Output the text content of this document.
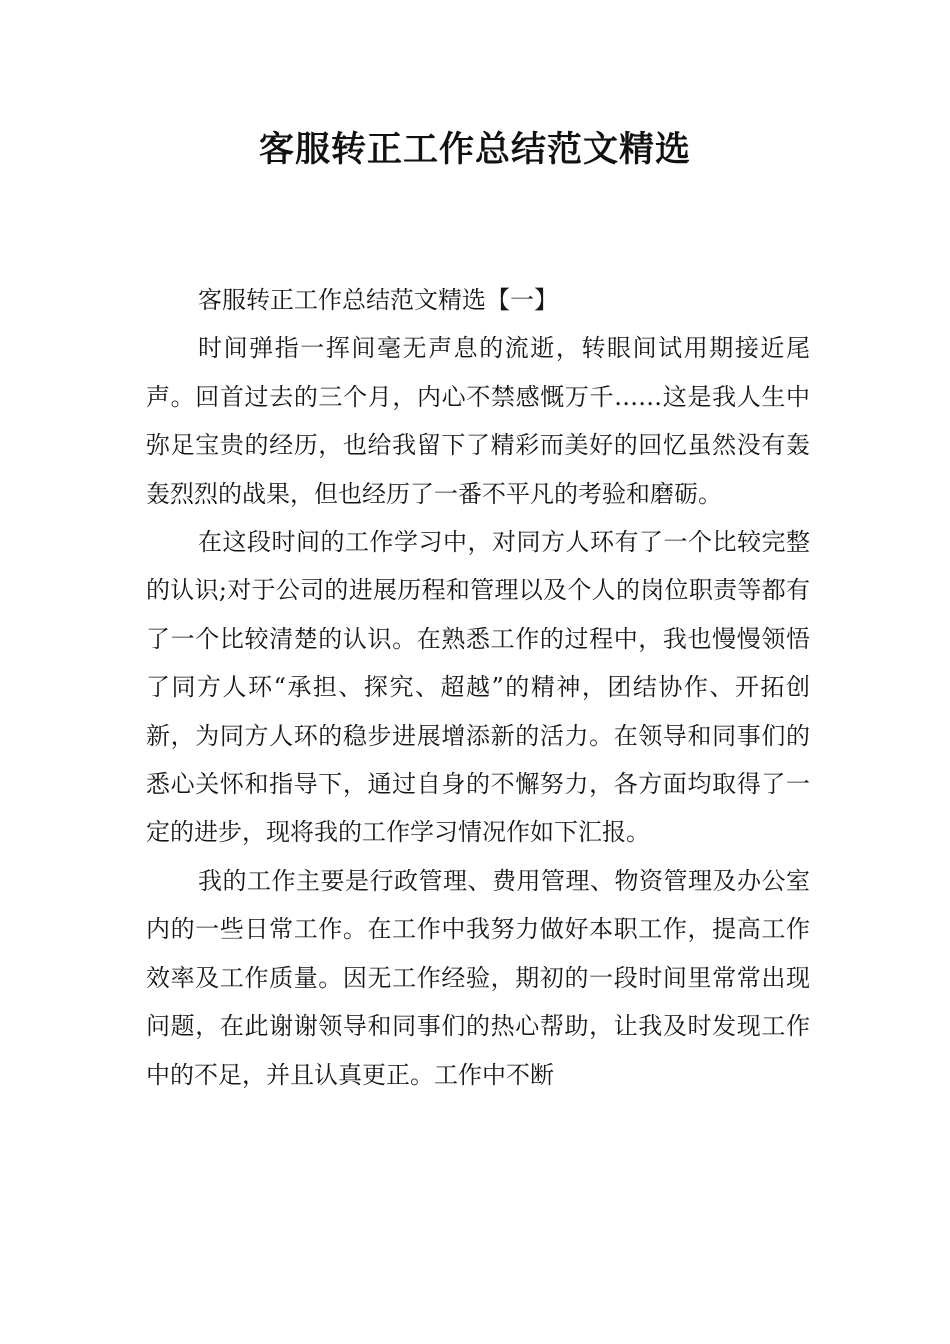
客服转正工作总结范文精选

客服转正工作总结范文精选【一】

时间弹指一挥间毫无声息的流逝，转眼间试用期接近尾声。回首过去的三个月，内心不禁感慨万千……这是我人生中弥足宝贵的经历，也给我留下了精彩而美好的回忆虽然没有轰轰烈烈的战果，但也经历了一番不平凡的考验和磨砺。

在这段时间的工作学习中，对同方人环有了一个比较完整的认识;对于公司的进展历程和管理以及个人的岗位职责等都有了一个比较清楚的认识。在熟悉工作的过程中，我也慢慢领悟了同方人环“承担、探究、超越”的精神，团结协作、开拓创新，为同方人环的稳步进展增添新的活力。在领导和同事们的悉心关怀和指导下，通过自身的不懈努力，各方面均取得了一定的进步，现将我的工作学习情况作如下汇报。

我的工作主要是行政管理、费用管理、物资管理及办公室内的一些日常工作。在工作中我努力做好本职工作，提高工作效率及工作质量。因无工作经验，期初的一段时间里常常出现问题，在此谢谢领导和同事们的热心帮助，让我及时发现工作中的不足，并且认真更正。工作中不断
